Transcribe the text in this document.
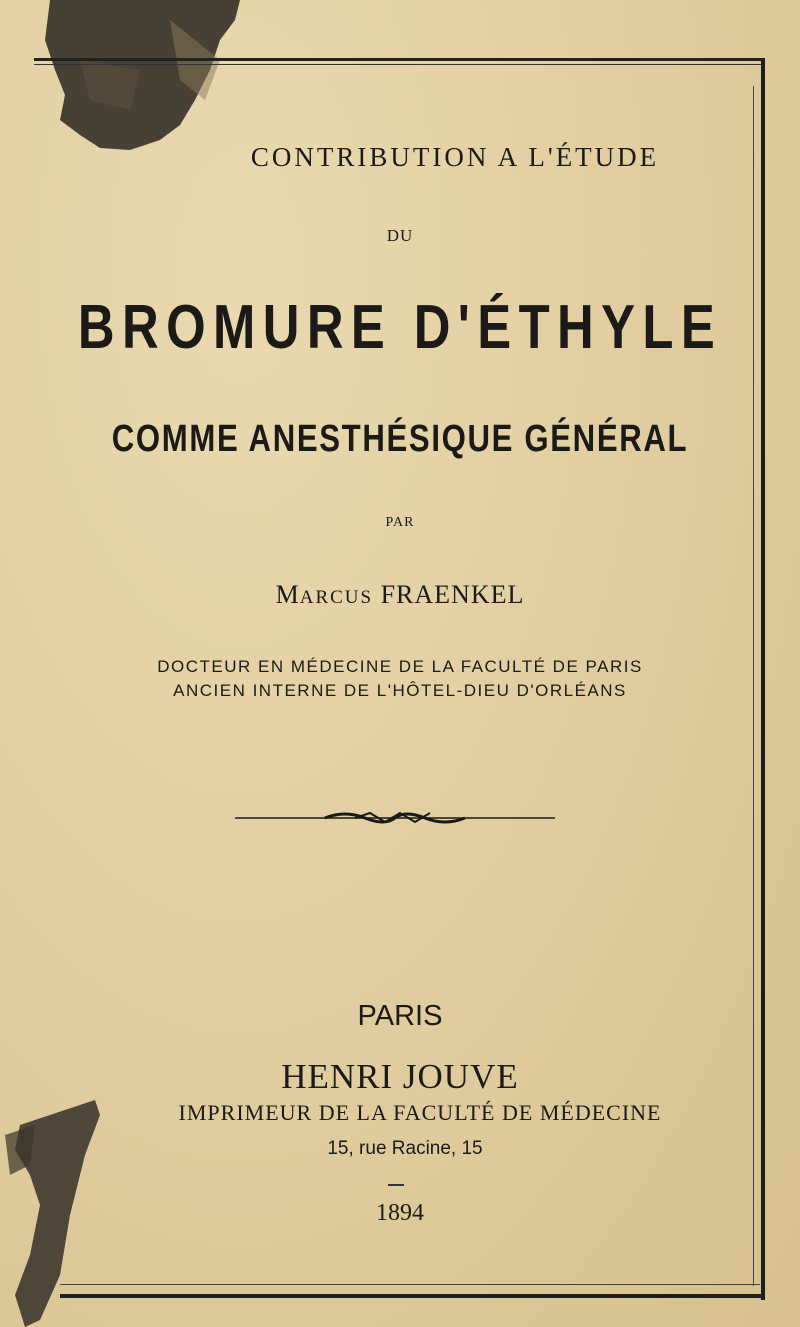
CONTRIBUTION A L'ÉTUDE
DU
BROMURE D'ÉTHYLE
COMME ANESTHÉSIQUE GÉNÉRAL
PAR
MARCUS FRAENKEL
DOCTEUR EN MÉDECINE DE LA FACULTÉ DE PARIS
ANCIEN INTERNE DE L'HÔTEL-DIEU D'ORLÉANS
PARIS
HENRI JOUVE
IMPRIMEUR DE LA FACULTÉ DE MÉDECINE
15, rue Racine, 15
1894
